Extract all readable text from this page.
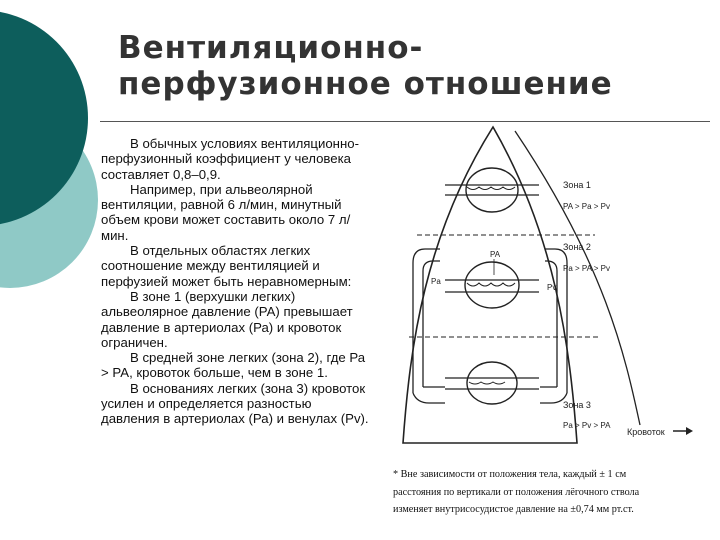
Вентиляционно-
перфузионное отношение

В обычных условиях вентиляционно-перфузионный коэффициент у человека составляет 0,8–0,9.

Например, при альвеолярной вентиляции, равной 6 л/мин, минутный объем крови может составить около 7 л/мин.

В отдельных областях легких соотношение между вентиляцией и перфузией может быть неравномерным:

В зоне 1 (верхушки легких) альвеолярное давление (РА) превышает давление в артериолах (Ра) и кровоток ограничен.

В средней зоне легких (зона 2), где Ра > РА, кровоток больше, чем в зоне 1.

В основаниях легких (зона 3) кровоток усилен и определяется разностью давления в артериолах (Ра) и венулах (Рv).

Зона 1
PA > Pa > Pv
Зона 2
Pa > PA > Pv
Зона 3
Pa > Pv > PA
PA
Pa
Pv
Кровоток
* Вне зависимости от положения тела, каждый ± 1 см
расстояния по вертикали от положения лёгочного ствола
изменяет внутрисосудистое давление на ±0,74 мм рт.ст.
